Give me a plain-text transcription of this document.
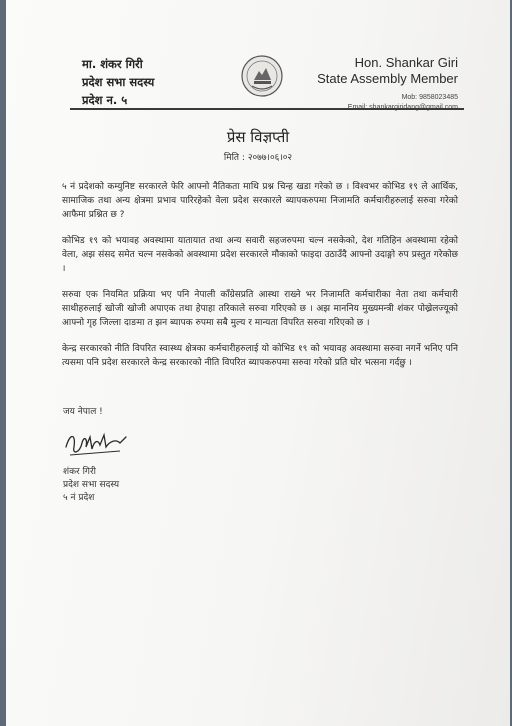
मा. शंकर गिरी
प्रदेश सभा सदस्य
प्रदेश न. ५
Hon. Shankar Giri
State Assembly Member
Mob: 9858023485
प्रेस विज्ञप्ती
मिति : २०७७।०६।०२

५ नं प्रदेशको कम्युनिष्ट सरकारले फेरि आफ्नो नैतिकता माथि प्रश्न चिन्ह खडा गरेको छ । विश्वभर कोभिड १९ ले आर्थिक, सामाजिक तथा अन्य क्षेत्रमा प्रभाव पारिरहेको वेला प्रदेश सरकारले ब्यापकरुपमा निजामति कर्मचारीहरुलाई सरुवा गरेको आफैमा प्रश्नित छ ?

कोभिड १९ को भयावह अवस्थामा यातायात तथा अन्य सवारी सहजरुपमा चल्न नसकेको, देश गतिहिन अवस्थामा रहेको वेला, अझ संसद समेत चल्न नसकेको अवस्थामा प्रदेश सरकारले मौकाको फाइदा उठाउँदै आफ्नो उदाङ्गो रुप प्रस्तुत गरेकोछ ।

सरुवा एक नियमित प्रक्रिया भए पनि नेपाली काँग्रेसप्रति आस्था राख्ने भर निजामति कर्मचारीका नेता तथा कर्मचारी साथीहरुलाई खोजी खोजी अपाएक तथा हेपाहा तरिकाले सरुवा गरिएको छ । अझ माननिय मुख्यमन्त्री शंकर पोख्रेलज्यूको आफ्नो गृह जिल्ला दाङमा त झन ब्यापक रुपमा सबै मुल्य र मान्यता विपरित सरुवा गरिएको छ ।

केन्द्र सरकारको नीति विपरित स्वास्थ्य क्षेत्रका कर्मचारीहरुलाई यो कोभिड १९ को भयावह अवस्थामा सरुवा नगर्ने भनिए पनि त्यसमा पनि प्रदेश सरकारले केन्द्र सरकारको नीति विपरित ब्यापकरुपमा सरुवा गरेको प्रति घोर भत्सना गर्दछु ।

जय नेपाल !
शंकर गिरी
प्रदेश सभा सदस्य
५ नं प्रदेश
